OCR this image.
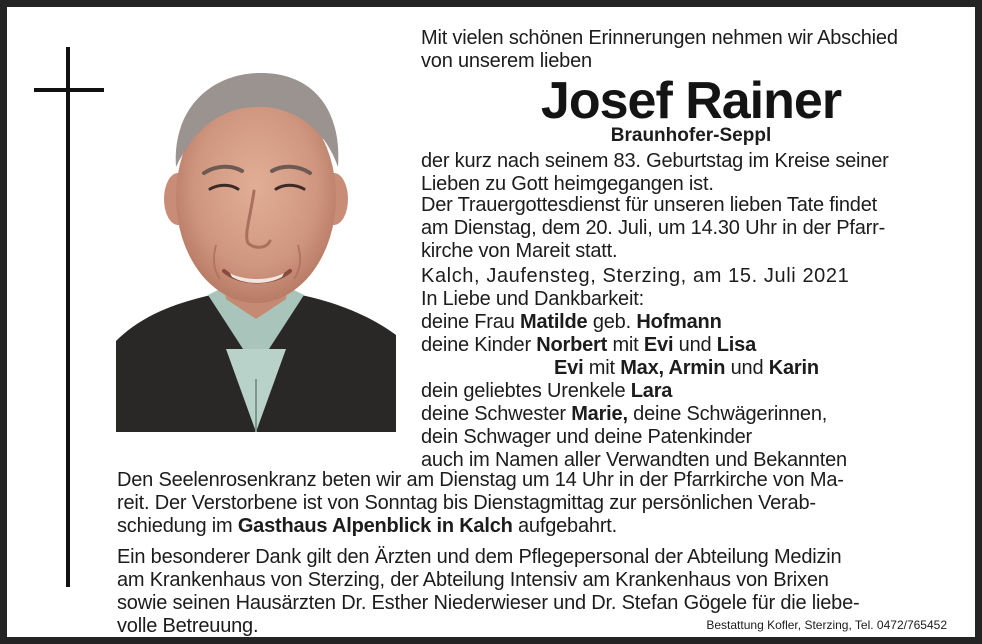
Mit vielen schönen Erinnerungen nehmen wir Abschied
von unserem lieben

Josef Rainer

Braunhofer-Seppl

der kurz nach seinem 83. Geburtstag im Kreise seiner
Lieben zu Gott heimgegangen ist.

Der Trauergottesdienst für unseren lieben Tate findet
am Dienstag, dem 20. Juli, um 14.30 Uhr in der Pfarr-
kirche von Mareit statt.

Kalch, Jaufensteg, Sterzing, am 15. Juli 2021

In Liebe und Dankbarkeit:
deine Frau Matilde geb. Hofmann
deine Kinder Norbert mit Evi und Lisa
Evi mit Max, Armin und Karin
dein geliebtes Urenkele Lara
deine Schwester Marie, deine Schwägerinnen,
dein Schwager und deine Patenkinder
auch im Namen aller Verwandten und Bekannten

Den Seelenrosenkranz beten wir am Dienstag um 14 Uhr in der Pfarrkirche von Ma-
reit. Der Verstorbene ist von Sonntag bis Dienstagmittag zur persönlichen Verab-
schiedung im Gasthaus Alpenblick in Kalch aufgebahrt.

Ein besonderer Dank gilt den Ärzten und dem Pflegepersonal der Abteilung Medizin
am Krankenhaus von Sterzing, der Abteilung Intensiv am Krankenhaus von Brixen
sowie seinen Hausärzten Dr. Esther Niederwieser und Dr. Stefan Gögele für die liebe-
volle Betreuung.	Bestattung Kofler, Sterzing, Tel. 0472/765452
